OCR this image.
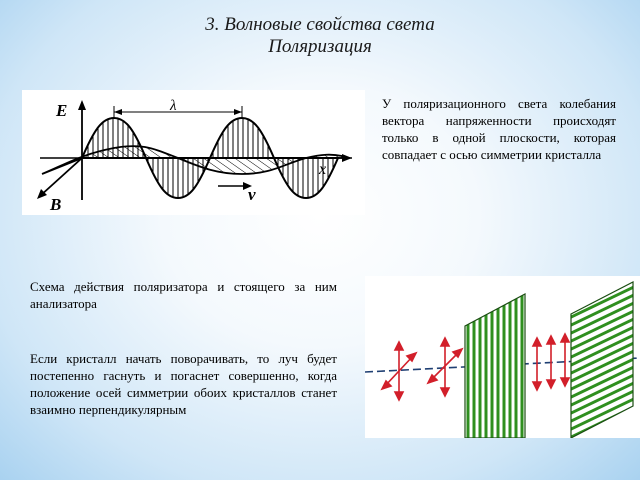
3. Волновые свойства света
Поляризация
E
B
λ
x
v
У поляризационного света колебания вектора напряженности происходят только в одной плоскости, которая совпадает с осью симметрии кристалла
Схема действия поляризатора и стоящего за ним анализатора
Если кристалл начать поворачивать, то луч будет постепенно гаснуть и погаснет совершенно, когда положение осей симметрии обоих кристаллов станет взаимно перпендикулярным
